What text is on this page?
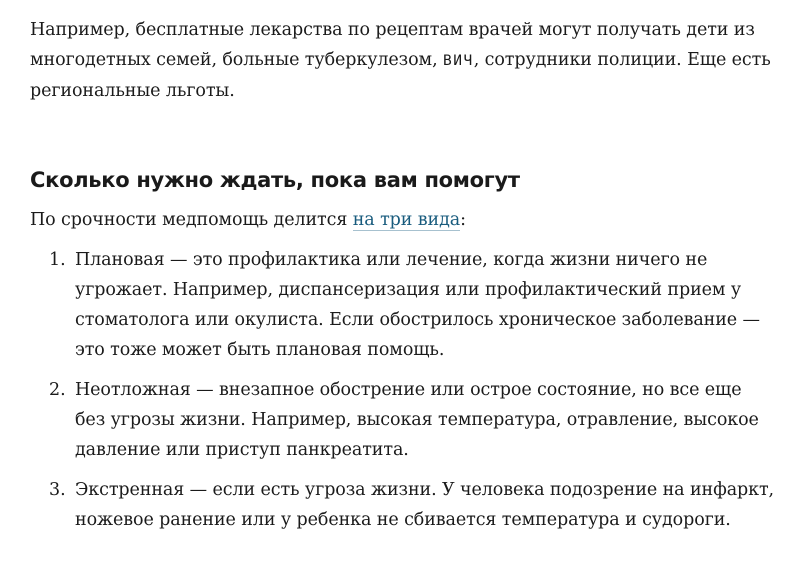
Например, бесплатные лекарства по рецептам врачей могут получать дети из многодетных семей, больные туберкулезом, ВИЧ, сотрудники полиции. Еще есть региональные льготы.

Сколько нужно ждать, пока вам помогут

По срочности медпомощь делится на три вида:

1. Плановая — это профилактика или лечение, когда жизни ничего не угрожает. Например, диспансеризация или профилактический прием у стоматолога или окулиста. Если обострилось хроническое заболевание — это тоже может быть плановая помощь.

2. Неотложная — внезапное обострение или острое состояние, но все еще без угрозы жизни. Например, высокая температура, отравление, высокое давление или приступ панкреатита.

3. Экстренная — если есть угроза жизни. У человека подозрение на инфаркт, ножевое ранение или у ребенка не сбивается температура и судороги.
